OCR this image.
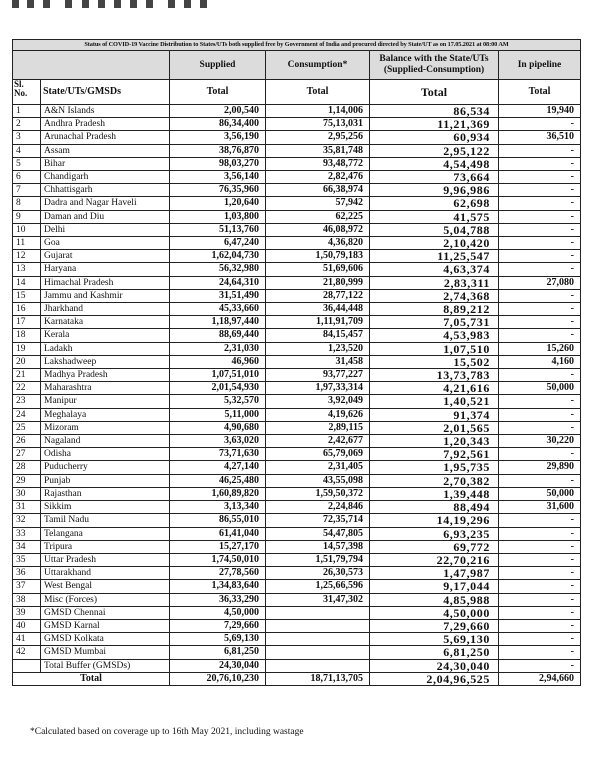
Status of COVID-19 Vaccine Distribution to States/UTs both supplied free by Government of India and procured directed by State/UT as on 17.05.2021 at 08:00 AM					
		Supplied	Consumption*	Balance with the State/UTs (Supplied-Consumption)	In pipeline
Sl. No.	State/UTs/GMSDs	Total	Total	Total	Total
1	A&N Islands	2,00,540	1,14,006	86,534	19,940
2	Andhra Pradesh	86,34,400	75,13,031	11,21,369	-
3	Arunachal Pradesh	3,56,190	2,95,256	60,934	36,510
4	Assam	38,76,870	35,81,748	2,95,122	-
5	Bihar	98,03,270	93,48,772	4,54,498	-
6	Chandigarh	3,56,140	2,82,476	73,664	-
7	Chhattisgarh	76,35,960	66,38,974	9,96,986	-
8	Dadra and Nagar Haveli	1,20,640	57,942	62,698	-
9	Daman and Diu	1,03,800	62,225	41,575	-
10	Delhi	51,13,760	46,08,972	5,04,788	-
11	Goa	6,47,240	4,36,820	2,10,420	-
12	Gujarat	1,62,04,730	1,50,79,183	11,25,547	-
13	Haryana	56,32,980	51,69,606	4,63,374	-
14	Himachal Pradesh	24,64,310	21,80,999	2,83,311	27,080
15	Jammu and Kashmir	31,51,490	28,77,122	2,74,368	-
16	Jharkhand	45,33,660	36,44,448	8,89,212	-
17	Karnataka	1,18,97,440	1,11,91,709	7,05,731	-
18	Kerala	88,69,440	84,15,457	4,53,983	-
19	Ladakh	2,31,030	1,23,520	1,07,510	15,260
20	Lakshadweep	46,960	31,458	15,502	4,160
21	Madhya Pradesh	1,07,51,010	93,77,227	13,73,783	-
22	Maharashtra	2,01,54,930	1,97,33,314	4,21,616	50,000
23	Manipur	5,32,570	3,92,049	1,40,521	-
24	Meghalaya	5,11,000	4,19,626	91,374	-
25	Mizoram	4,90,680	2,89,115	2,01,565	-
26	Nagaland	3,63,020	2,42,677	1,20,343	30,220
27	Odisha	73,71,630	65,79,069	7,92,561	-
28	Puducherry	4,27,140	2,31,405	1,95,735	29,890
29	Punjab	46,25,480	43,55,098	2,70,382	-
30	Rajasthan	1,60,89,820	1,59,50,372	1,39,448	50,000
31	Sikkim	3,13,340	2,24,846	88,494	31,600
32	Tamil Nadu	86,55,010	72,35,714	14,19,296	-
33	Telangana	61,41,040	54,47,805	6,93,235	-
34	Tripura	15,27,170	14,57,398	69,772	-
35	Uttar Pradesh	1,74,50,010	1,51,79,794	22,70,216	-
36	Uttarakhand	27,78,560	26,30,573	1,47,987	-
37	West Bengal	1,34,83,640	1,25,66,596	9,17,044	-
38	Misc (Forces)	36,33,290	31,47,302	4,85,988	-
39	GMSD Chennai	4,50,000		4,50,000	-
40	GMSD Karnal	7,29,660		7,29,660	-
41	GMSD Kolkata	5,69,130		5,69,130	-
42	GMSD Mumbai	6,81,250		6,81,250	-
	Total Buffer (GMSDs)	24,30,040		24,30,040	-
Total		20,76,10,230	18,71,13,705	2,04,96,525	2,94,660
*Calculated based on coverage up to 16th May 2021, including wastage
